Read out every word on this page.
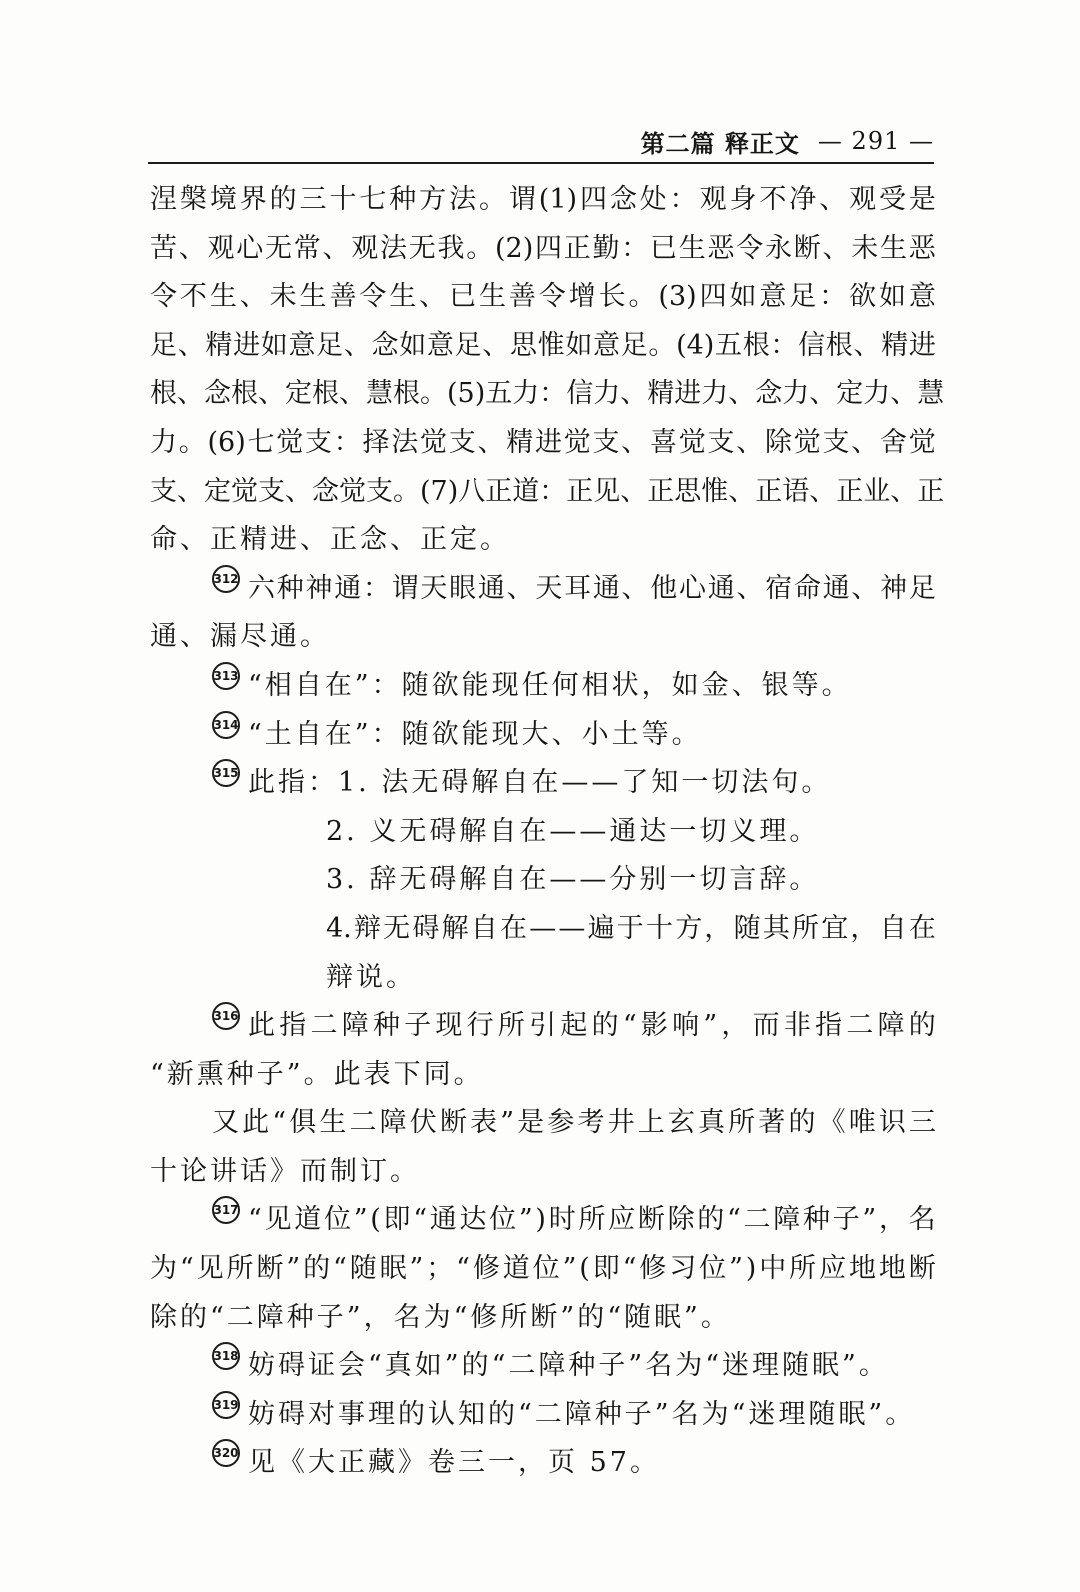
第二篇 释正文 — 291 —
涅 槃 境 界 的 三 十 七 种 方 法 。 谓 (1) 四 念 处 ： 观 身 不 净 、 观 受 是
苦 、 观 心 无 常 、 观 法 无 我 。 (2) 四 正 勤 ： 已 生 恶 令 永 断 、 未 生 恶
令 不 生 、 未 生 善 令 生 、 已 生 善 令 增 长 。 (3) 四 如 意 足 ： 欲 如 意
足 、 精 进 如 意 足 、 念 如 意 足 、 思 惟 如 意 足 。 (4) 五 根 ： 信 根 、 精 进
根 、 念 根 、 定 根 、 慧 根 。 (5) 五 力 ： 信 力 、 精 进 力 、 念 力 、 定 力 、 慧
力 。 (6) 七 觉 支 ： 择 法 觉 支 、 精 进 觉 支 、 喜 觉 支 、 除 觉 支 、 舍 觉
支 、 定 觉 支 、 念 觉 支 。 (7) 八 正 道 ： 正 见 、 正 思 惟 、 正 语 、 正 业 、 正
命、正精进、正念、正定。
312 六 种 神 通 ： 谓 天 眼 通 、 天 耳 通 、 他 心 通 、 宿 命 通 、 神 足
通、漏尽通。
313 “相自在”：随欲能现任何相状，如金、银等。
314 “土自在”：随欲能现大、小土等。
315 此指：1. 法无碍解自在——了知一切法句。
2. 义无碍解自在——通达一切义理。
3. 辞无碍解自在——分别一切言辞。
4. 辩 无 碍 解 自 在 — — 遍 于 十 方 ， 随 其 所 宜 ， 自 在
辩说。
316 此 指 二 障 种 子 现 行 所 引 起 的 “ 影 响 ” ， 而 非 指 二 障 的
“新熏种子”。此表下同。
又 此 “ 俱 生 二 障 伏 断 表 ” 是 参 考 井 上 玄 真 所 著 的 《 唯 识 三
十论讲话》而制订。
317 “ 见 道 位 ” ( 即 “ 通 达 位 ” ) 时 所 应 断 除 的 “ 二 障 种 子 ” ， 名
为 “ 见 所 断 ” 的 “ 随 眠 ” ； “ 修 道 位 ” ( 即 “ 修 习 位 ” ) 中 所 应 地 地 断
除的“二障种子”，名为“修所断”的“随眠”。
318 妨碍证会“真如”的“二障种子”名为“迷理随眠”。
319 妨碍对事理的认知的“二障种子”名为“迷理随眠”。
320 见《大正藏》卷三一，页 57。
